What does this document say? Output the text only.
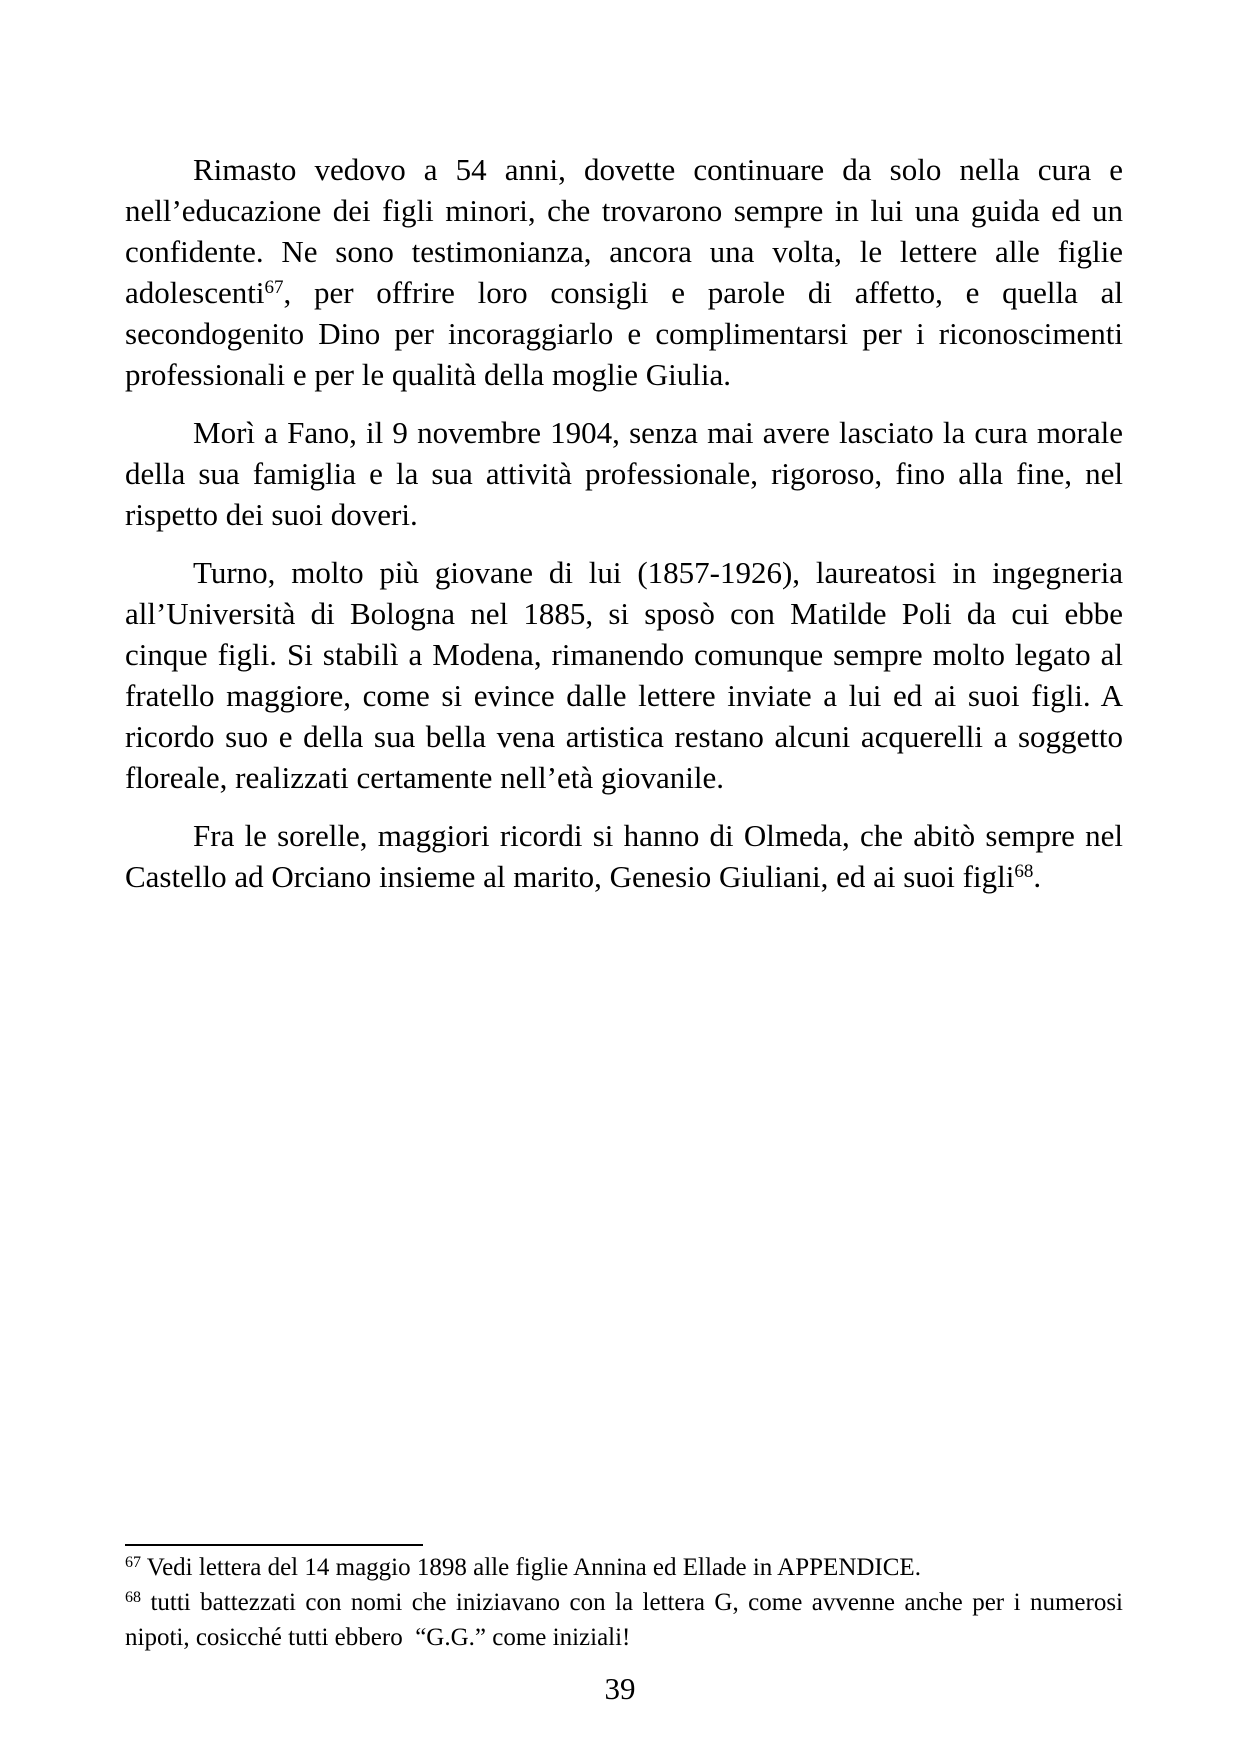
Rimasto vedovo a 54 anni, dovette continuare da solo nella cura e nell’educazione dei figli minori, che trovarono sempre in lui una guida ed un confidente. Ne sono testimonianza, ancora una volta, le lettere alle figlie adolescenti$^{67}$, per offrire loro consigli e parole di affetto, e quella al secondogenito Dino per incoraggiarlo e complimentarsi per i riconoscimenti professionali e per le qualità della moglie Giulia.

Morì a Fano, il 9 novembre 1904, senza mai avere lasciato la cura morale della sua famiglia e la sua attività professionale, rigoroso, fino alla fine, nel rispetto dei suoi doveri.

Turno, molto più giovane di lui (1857-1926), laureatosi in ingegneria all’Università di Bologna nel 1885, si sposò con Matilde Poli da cui ebbe cinque figli. Si stabilì a Modena, rimanendo comunque sempre molto legato al fratello maggiore, come si evince dalle lettere inviate a lui ed ai suoi figli. A ricordo suo e della sua bella vena artistica restano alcuni acquerelli a soggetto floreale, realizzati certamente nell’età giovanile.

Fra le sorelle, maggiori ricordi si hanno di Olmeda, che abitò sempre nel Castello ad Orciano insieme al marito, Genesio Giuliani, ed ai suoi figli$^{68}$.

$^{67}$ Vedi lettera del 14 maggio 1898 alle figlie Annina ed Ellade in APPENDICE.

$^{68}$ tutti battezzati con nomi che iniziavano con la lettera G, come avvenne anche per i numerosi nipoti, cosicché tutti ebbero  “G.G.” come iniziali!

39
